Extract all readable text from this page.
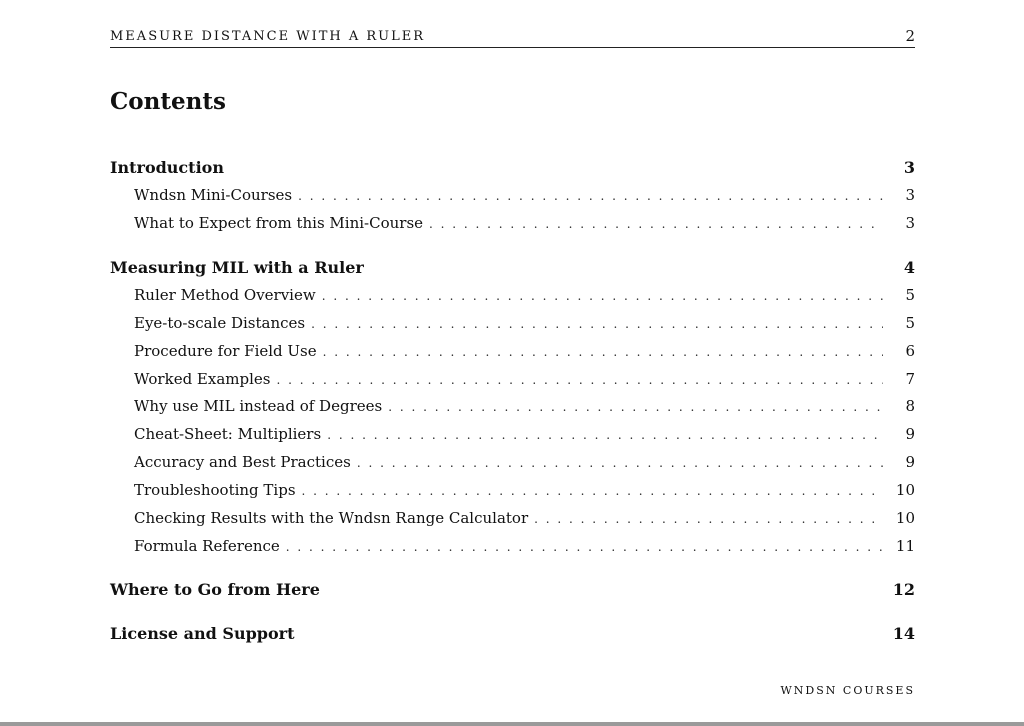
MEASURE DISTANCE WITH A RULER	2
Contents
Introduction	3
Wndsn Mini-Courses . . .	3
What to Expect from this Mini-Course . . .	3
Measuring MIL with a Ruler	4
Ruler Method Overview . . .	5
Eye-to-scale Distances . . .	5
Procedure for Field Use . . .	6
Worked Examples . . .	7
Why use MIL instead of Degrees . . .	8
Cheat-Sheet: Multipliers . . .	9
Accuracy and Best Practices . . .	9
Troubleshooting Tips . . .	10
Checking Results with the Wndsn Range Calculator . . .	10
Formula Reference . . .	11
Where to Go from Here	12
License and Support	14
WNDSN COURSES
